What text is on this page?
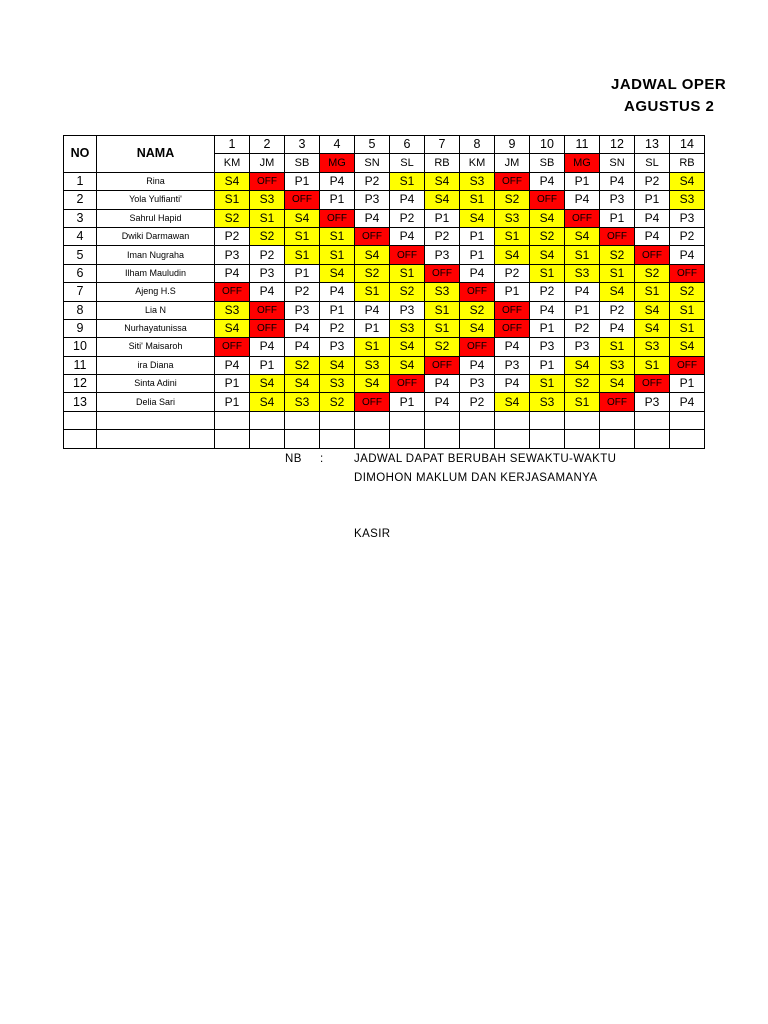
JADWAL OPER
AGUSTUS 2
NO	NAMA	1	2	3	4	5	6	7	8	9	10	11	12	13	14
		KM	JM	SB	MG	SN	SL	RB	KM	JM	SB	MG	SN	SL	RB
1	Rina	S4	OFF	P1	P4	P2	S1	S4	S3	OFF	P4	P1	P4	P2	S4
2	Yola Yulfianti'	S1	S3	OFF	P1	P3	P4	S4	S1	S2	OFF	P4	P3	P1	S3
3	Sahrul Hapid	S2	S1	S4	OFF	P4	P2	P1	S4	S3	S4	OFF	P1	P4	P3
4	Dwiki Darmawan	P2	S2	S1	S1	OFF	P4	P2	P1	S1	S2	S4	OFF	P4	P2
5	Iman Nugraha	P3	P2	S1	S1	S4	OFF	P3	P1	S4	S4	S1	S2	OFF	P4
6	Ilham Mauludin	P4	P3	P1	S4	S2	S1	OFF	P4	P2	S1	S3	S1	S2	OFF
7	Ajeng H.S	OFF	P4	P2	P4	S1	S2	S3	OFF	P1	P2	P4	S4	S1	S2
8	Lia N	S3	OFF	P3	P1	P4	P3	S1	S2	OFF	P4	P1	P2	S4	S1
9	Nurhayatunissa	S4	OFF	P4	P2	P1	S3	S1	S4	OFF	P1	P2	P4	S4	S1
10	Siti' Maisaroh	OFF	P4	P4	P3	S1	S4	S2	OFF	P4	P3	P3	S1	S3	S4
11	ira Diana	P4	P1	S2	S4	S3	S4	OFF	P4	P3	P1	S4	S3	S1	OFF
12	Sinta Adini	P1	S4	S4	S3	S4	OFF	P4	P3	P4	S1	S2	S4	OFF	P1
13	Delia Sari	P1	S4	S3	S2	OFF	P1	P4	P2	S4	S3	S1	OFF	P3	P4

NB :	JADWAL DAPAT BERUBAH SEWAKTU-WAKTU
DIMOHON MAKLUM DAN KERJASAMANYA
KASIR
